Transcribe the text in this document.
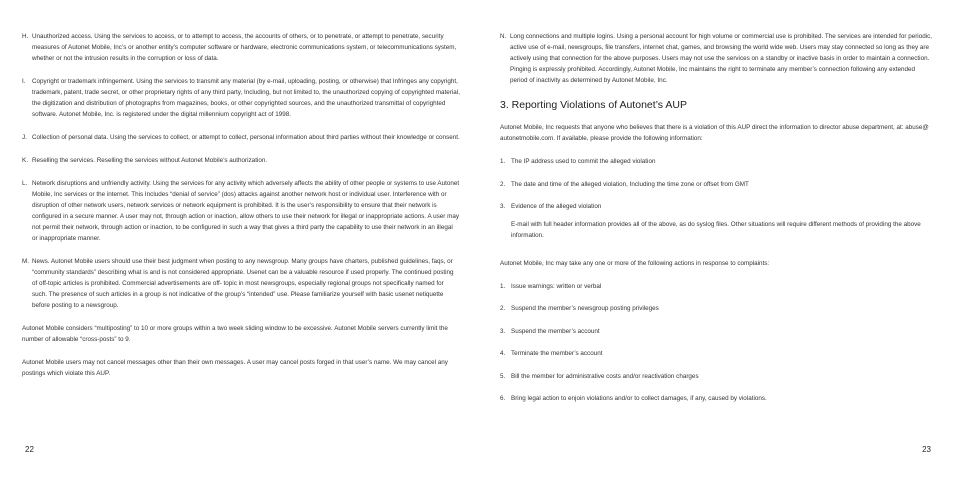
H. Unauthorized access. Using the services to access, or to attempt to access, the accounts of others, or to penetrate, or attempt to penetrate, security measures of Autonet Mobile, Inc’s or another entity’s computer software or hardware, electronic communications system, or telecommunications system, whether or not the intrusion results in the corruption or loss of data.
I. Copyright or trademark infringement. Using the services to transmit any material (by e-mail, uploading, posting, or otherwise) that Infringes any copyright, trademark, patent, trade secret, or other proprietary rights of any third party, Including, but not limited to, the unauthorized copying of copyrighted material, the digitization and distribution of photographs from magazines, books, or other copyrighted sources, and the unauthorized transmittal of copyrighted software. Autonet Mobile, Inc. is registered under the digital millennium copyright act of 1998.
J. Collection of personal data. Using the services to collect, or attempt to collect, personal information about third parties without their knowledge or consent.
K. Reselling the services. Reselling the services without Autonet Mobile’s authorization.
L. Network disruptions and unfriendly activity. Using the services for any activity which adversely affects the ability of other people or systems to use Autonet Mobile, Inc services or the internet. This Includes “denial of service” (dos) attacks against another network host or individual user. Interference with or disruption of other network users, network services or network equipment is prohibited. It is the user’s responsibility to ensure that their network is configured in a secure manner. A user may not, through action or inaction, allow others to use their network for illegal or inappropriate actions. A user may not permit their network, through action or inaction, to be configured in such a way that gives a third party the capability to use their network in an illegal or inappropriate manner.
M. News. Autonet Mobile users should use their best judgment when posting to any newsgroup. Many groups have charters, published guidelines, faqs, or “community standards” describing what is and is not considered appropriate. Usenet can be a valuable resource if used properly. The continued posting of off-topic articles is prohibited. Commercial advertisements are off- topic in most newsgroups, especially regional groups not specifically named for such. The presence of such articles in a group is not indicative of the group’s “intended” use. Please familiarize yourself with basic usenet netiquette before posting to a newsgroup.

Autonet Mobile considers “multiposting” to 10 or more groups within a two week sliding window to be excessive. Autonet Mobile servers currently limit the number of allowable “cross-posts” to 9.

Autonet Mobile users may not cancel messages other than their own messages. A user may cancel posts forged in that user’s name. We may cancel any postings which violate this AUP.

22
N. Long connections and multiple logins. Using a personal account for high volume or commercial use is prohibited. The services are intended for periodic, active use of e-mail, newsgroups, file transfers, internet chat, games, and browsing the world wide web. Users may stay connected so long as they are actively using that connection for the above purposes. Users may not use the services on a standby or inactive basis in order to maintain a connection. Pinging is expressly prohibited. Accordingly, Autonet Mobile, Inc maintains the right to terminate any member’s connection following any extended period of inactivity as determined by Autonet Mobile, Inc.
3. Reporting Violations of Autonet’s AUP

Autonet Mobile, Inc requests that anyone who believes that there is a violation of this AUP direct the information to director abuse department, at: abuse@ autonetmobile.com. If available, please provide the following information:

1. The IP address used to commit the alleged violation
2. The date and time of the alleged violation, Including the time zone or offset from GMT
3. Evidence of the alleged violation

E-mail with full header information provides all of the above, as do syslog files. Other situations will require different methods of providing the above information.

Autonet Mobile, Inc may take any one or more of the following actions in response to complaints:

1. Issue warnings: written or verbal
2. Suspend the member’s newsgroup posting privileges
3. Suspend the member’s account
4. Terminate the member’s account
5. Bill the member for administrative costs and/or reactivation charges
6. Bring legal action to enjoin violations and/or to collect damages, if any, caused by violations.
23
